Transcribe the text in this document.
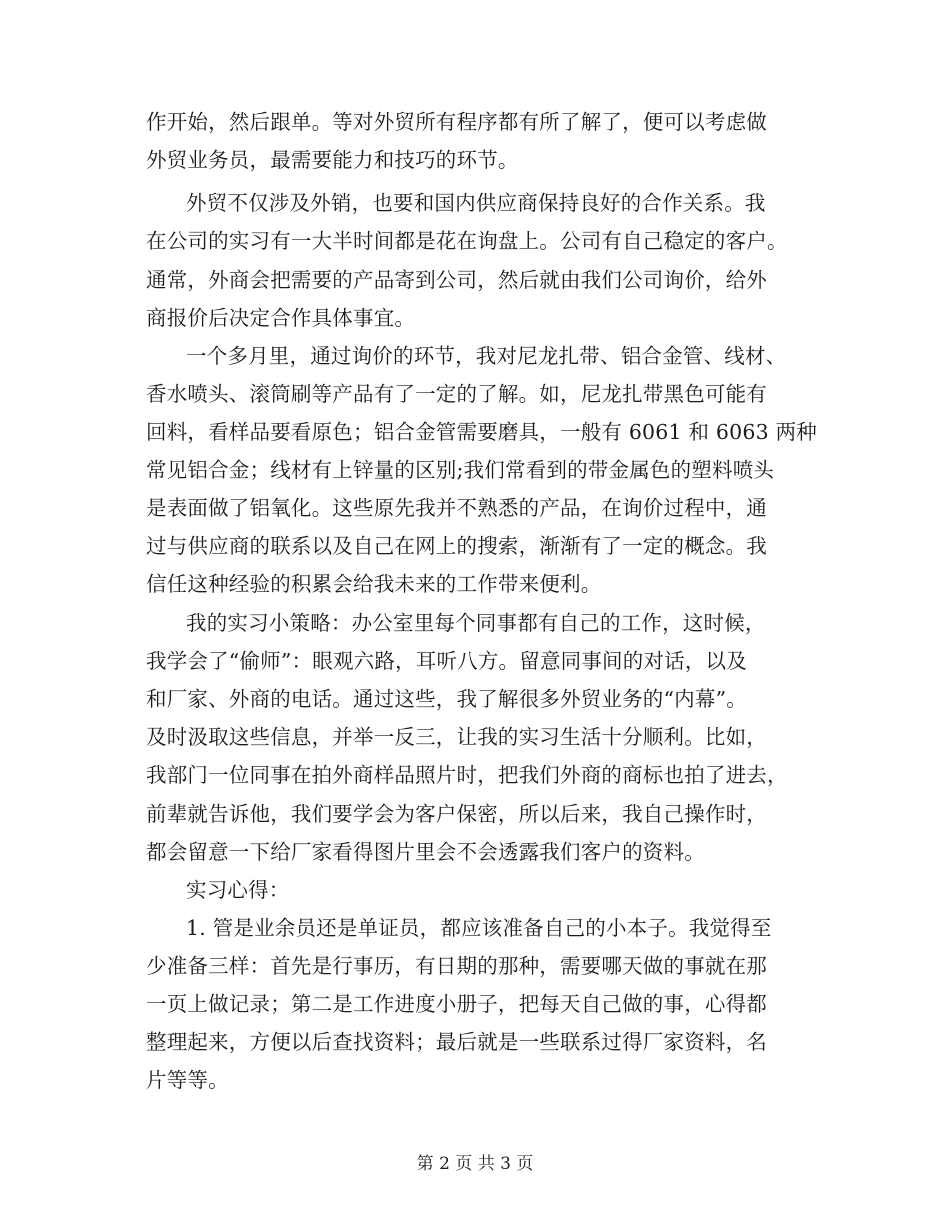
作开始，然后跟单。等对外贸所有程序都有所了解了，便可以考虑做
外贸业务员，最需要能力和技巧的环节。
外贸不仅涉及外销，也要和国内供应商保持良好的合作关系。我
在公司的实习有一大半时间都是花在询盘上。公司有自己稳定的客户。
通常，外商会把需要的产品寄到公司，然后就由我们公司询价，给外
商报价后决定合作具体事宜。
一个多月里，通过询价的环节，我对尼龙扎带、铝合金管、线材、
香水喷头、滚筒刷等产品有了一定的了解。如，尼龙扎带黑色可能有
回料，看样品要看原色；铝合金管需要磨具，一般有 6061 和 6063 两种
常见铝合金；线材有上锌量的区别;我们常看到的带金属色的塑料喷头
是表面做了铝氧化。这些原先我并不熟悉的产品，在询价过程中，通
过与供应商的联系以及自己在网上的搜索，渐渐有了一定的概念。我
信任这种经验的积累会给我未来的工作带来便利。
我的实习小策略：办公室里每个同事都有自己的工作，这时候，
我学会了“偷师”：眼观六路，耳听八方。留意同事间的对话，以及
和厂家、外商的电话。通过这些，我了解很多外贸业务的“内幕”。
及时汲取这些信息，并举一反三，让我的实习生活十分顺利。比如，
我部门一位同事在拍外商样品照片时，把我们外商的商标也拍了进去，
前辈就告诉他，我们要学会为客户保密，所以后来，我自己操作时，
都会留意一下给厂家看得图片里会不会透露我们客户的资料。
实习心得：
1. 管是业余员还是单证员，都应该准备自己的小本子。我觉得至
少准备三样：首先是行事历，有日期的那种，需要哪天做的事就在那
一页上做记录；第二是工作进度小册子，把每天自己做的事，心得都
整理起来，方便以后查找资料；最后就是一些联系过得厂家资料，名
片等等。
第 2 页 共 3 页
